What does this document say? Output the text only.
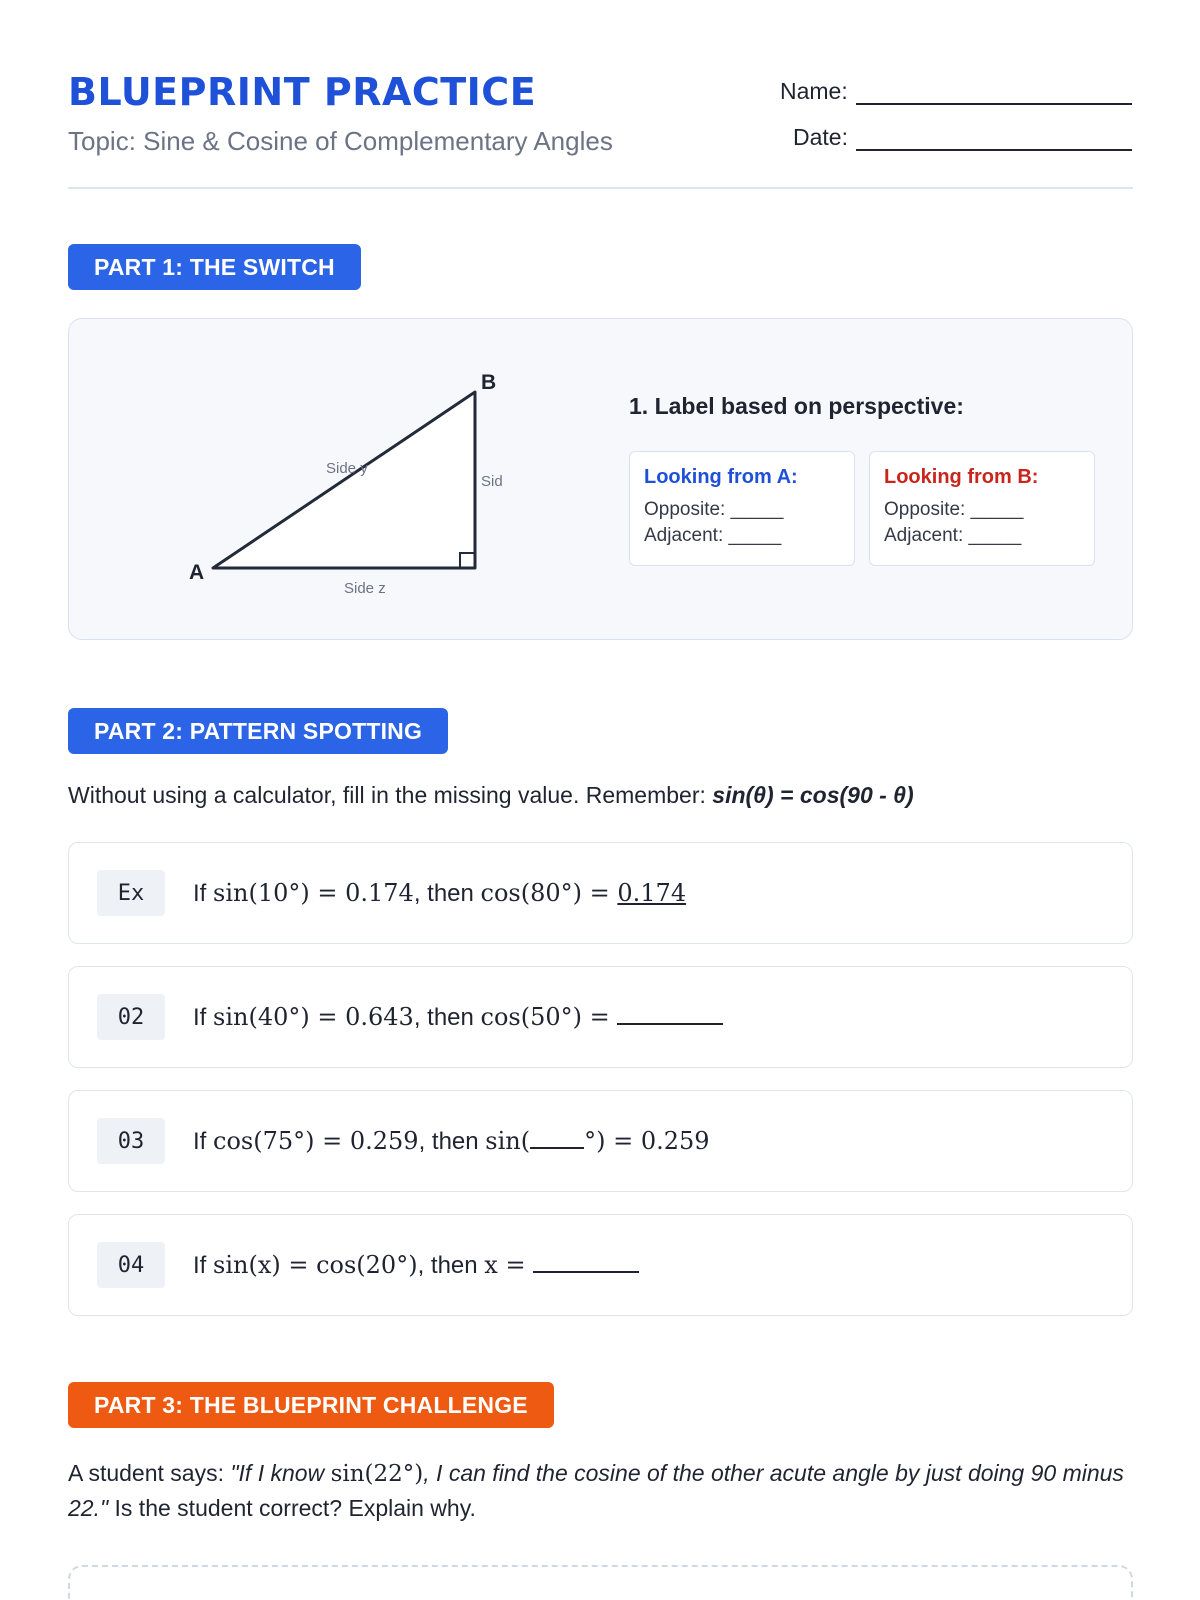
BLUEPRINT PRACTICE
Topic: Sine & Cosine of Complementary Angles
Name:
Date:
PART 1: THE SWITCH
A
B
Side y
Sid
Side z
1. Label based on perspective:
Looking from A:
Opposite: _____
Adjacent: _____
Looking from B:
Opposite: _____
Adjacent: _____
PART 2: PATTERN SPOTTING
Without using a calculator, fill in the missing value. Remember: sin(θ) = cos(90 - θ)
Ex	If sin(10°) = 0.174, then cos(80°) = 0.174
02	If sin(40°) = 0.643, then cos(50°) =
03	If cos(75°) = 0.259, then sin( °) = 0.259
04	If sin(x) = cos(20°), then x =
PART 3: THE BLUEPRINT CHALLENGE
A student says: "If I know sin(22°), I can find the cosine of the other acute angle by just doing 90 minus 22." Is the student correct? Explain why.
